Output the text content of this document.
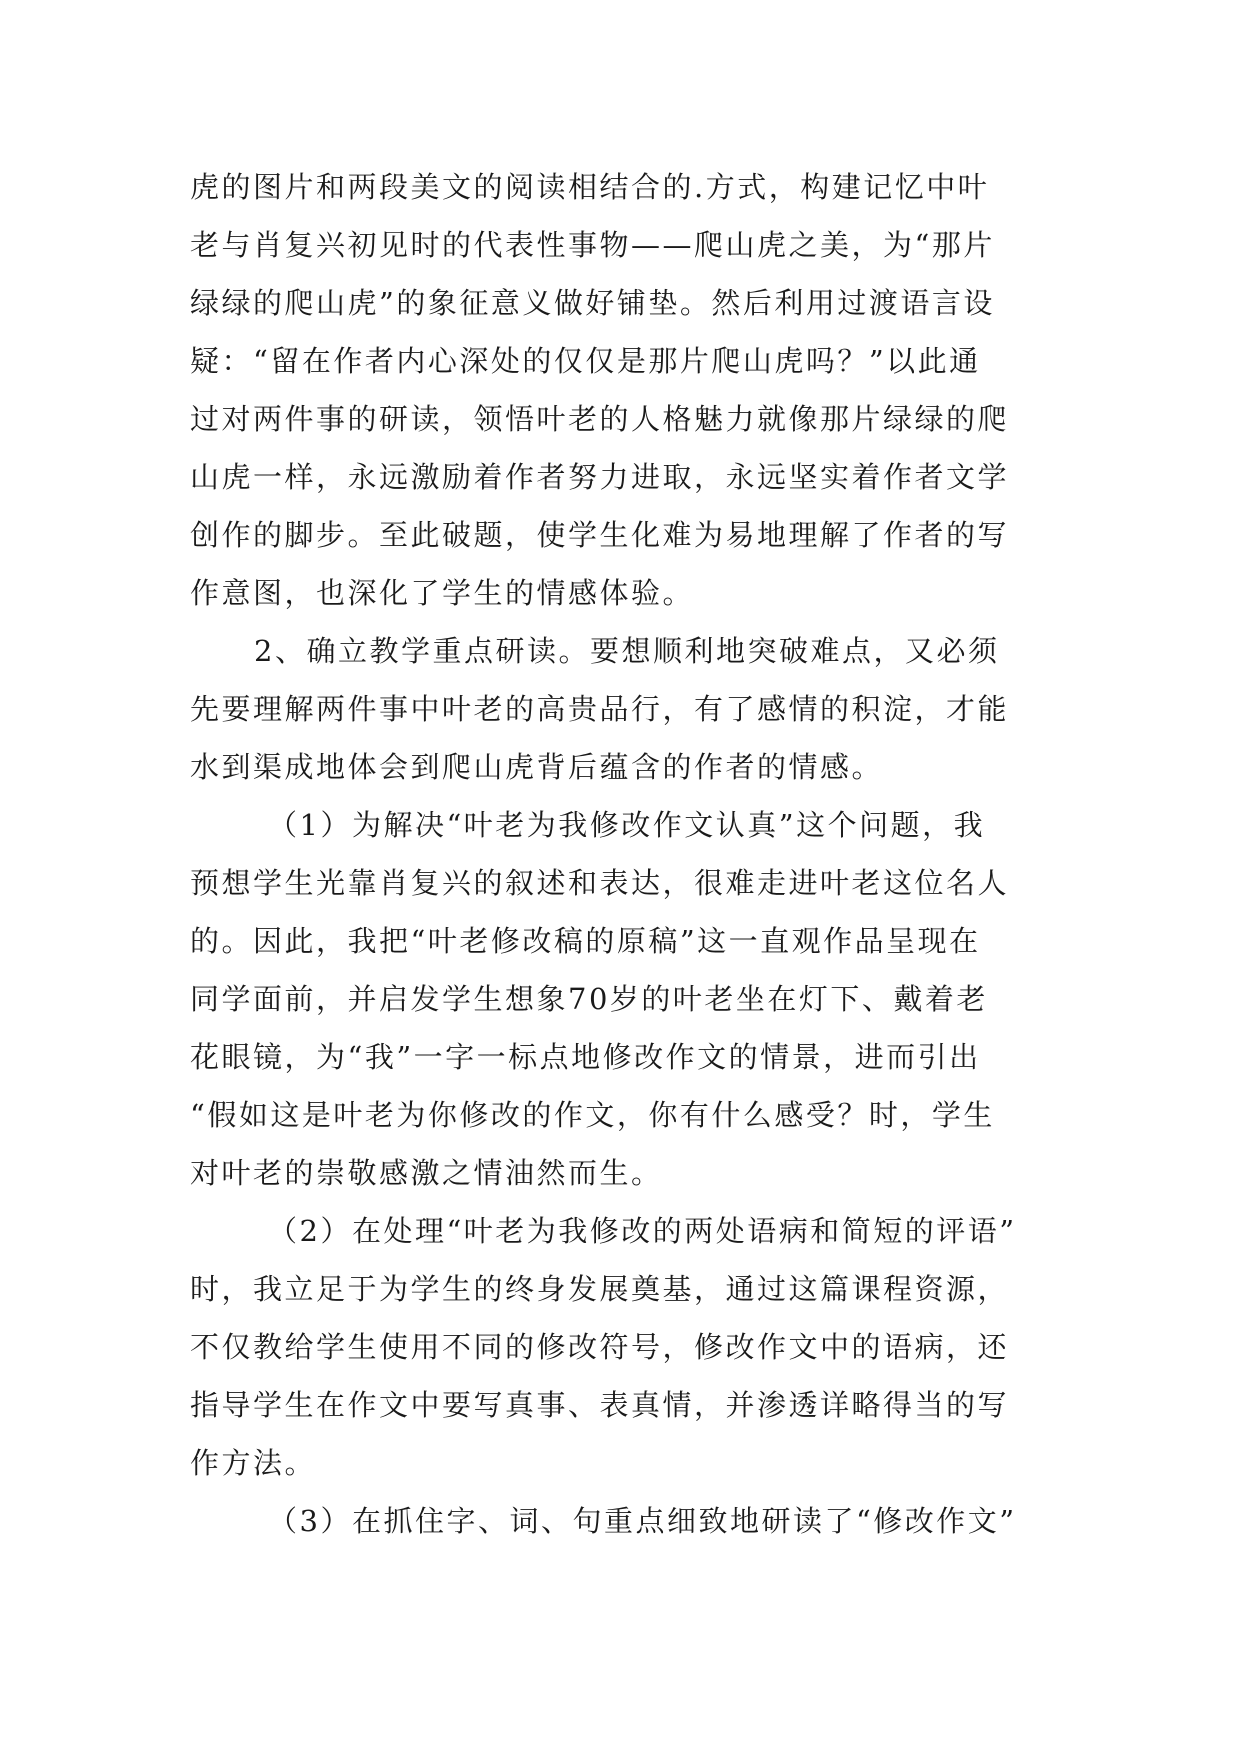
虎的图片和两段美文的阅读相结合的.方式，构建记忆中叶
老与肖复兴初见时的代表性事物——爬山虎之美，为“那片
绿绿的爬山虎”的象征意义做好铺垫。然后利用过渡语言设
疑：“留在作者内心深处的仅仅是那片爬山虎吗？”以此通
过对两件事的研读，领悟叶老的人格魅力就像那片绿绿的爬
山虎一样，永远激励着作者努力进取，永远坚实着作者文学
创作的脚步。至此破题，使学生化难为易地理解了作者的写
作意图，也深化了学生的情感体验。
2、确立教学重点研读。要想顺利地突破难点，又必须
先要理解两件事中叶老的高贵品行，有了感情的积淀，才能
水到渠成地体会到爬山虎背后蕴含的作者的情感。
（1）为解决“叶老为我修改作文认真”这个问题，我
预想学生光靠肖复兴的叙述和表达，很难走进叶老这位名人
的。因此，我把“叶老修改稿的原稿”这一直观作品呈现在
同学面前，并启发学生想象70岁的叶老坐在灯下、戴着老
花眼镜，为“我”一字一标点地修改作文的情景，进而引出
“假如这是叶老为你修改的作文，你有什么感受？时，学生
对叶老的崇敬感激之情油然而生。
（2）在处理“叶老为我修改的两处语病和简短的评语”
时，我立足于为学生的终身发展奠基，通过这篇课程资源，
不仅教给学生使用不同的修改符号，修改作文中的语病，还
指导学生在作文中要写真事、表真情，并渗透详略得当的写
作方法。
（3）在抓住字、词、句重点细致地研读了“修改作文”
